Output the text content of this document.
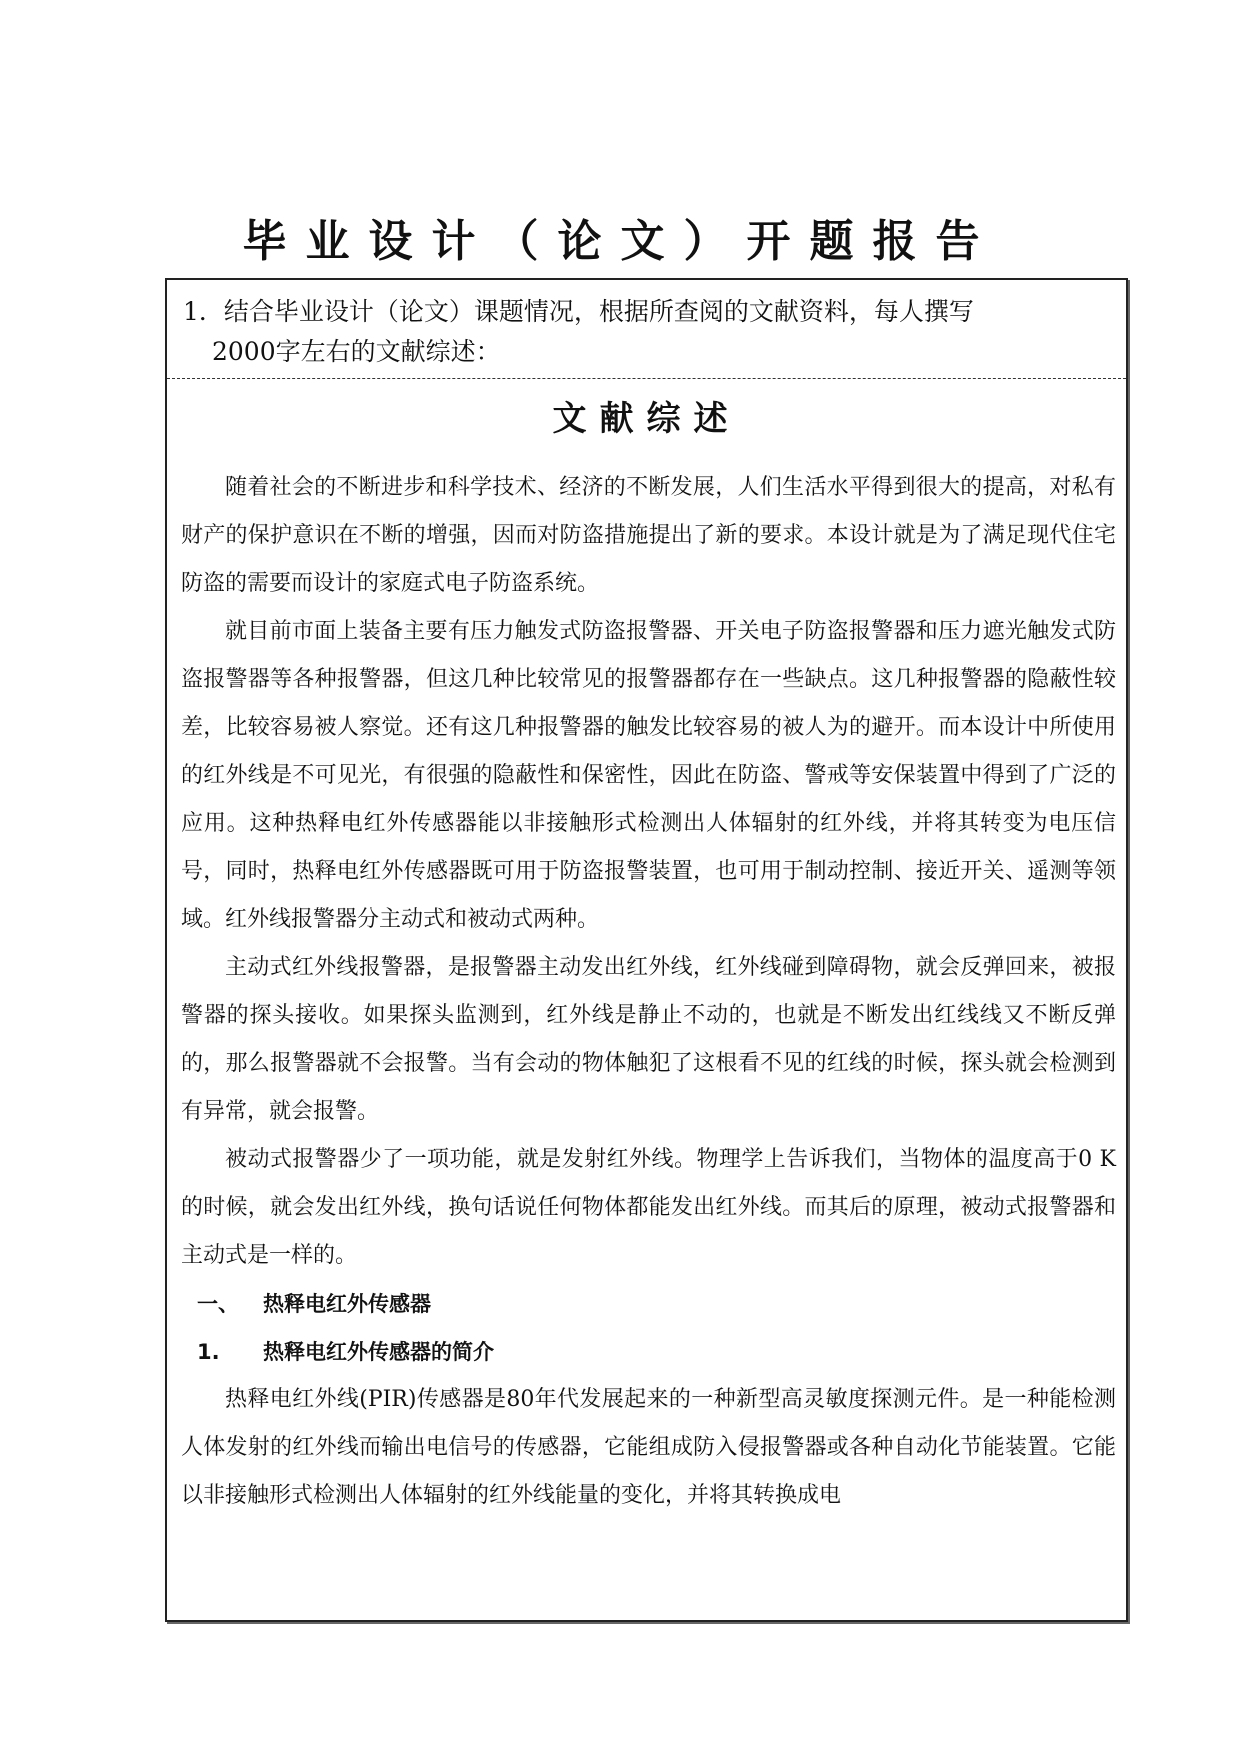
毕业设计（论文）开题报告
1．结合毕业设计（论文）课题情况，根据所查阅的文献资料，每人撰写
2000字左右的文献综述：
文献综述

随着社会的不断进步和科学技术、经济的不断发展，人们生活水平得到很大的提高，对私有财产的保护意识在不断的增强，因而对防盗措施提出了新的要求。本设计就是为了满足现代住宅防盗的需要而设计的家庭式电子防盗系统。

就目前市面上装备主要有压力触发式防盗报警器、开关电子防盗报警器和压力遮光触发式防盗报警器等各种报警器，但这几种比较常见的报警器都存在一些缺点。这几种报警器的隐蔽性较差，比较容易被人察觉。还有这几种报警器的触发比较容易的被人为的避开。而本设计中所使用的红外线是不可见光，有很强的隐蔽性和保密性，因此在防盗、警戒等安保装置中得到了广泛的应用。这种热释电红外传感器能以非接触形式检测出人体辐射的红外线，并将其转变为电压信号，同时，热释电红外传感器既可用于防盗报警装置，也可用于制动控制、接近开关、遥测等领域。红外线报警器分主动式和被动式两种。

主动式红外线报警器，是报警器主动发出红外线，红外线碰到障碍物，就会反弹回来，被报警器的探头接收。如果探头监测到，红外线是静止不动的，也就是不断发出红线线又不断反弹的，那么报警器就不会报警。当有会动的物体触犯了这根看不见的红线的时候，探头就会检测到有异常，就会报警。

被动式报警器少了一项功能，就是发射红外线。物理学上告诉我们，当物体的温度高于0 K的时候，就会发出红外线，换句话说任何物体都能发出红外线。而其后的原理，被动式报警器和主动式是一样的。

一、 热释电红外传感器

1. 热释电红外传感器的简介

热释电红外线(PIR)传感器是80年代发展起来的一种新型高灵敏度探测元件。是一种能检测人体发射的红外线而输出电信号的传感器，它能组成防入侵报警器或各种自动化节能装置。它能以非接触形式检测出人体辐射的红外线能量的变化，并将其转换成电
